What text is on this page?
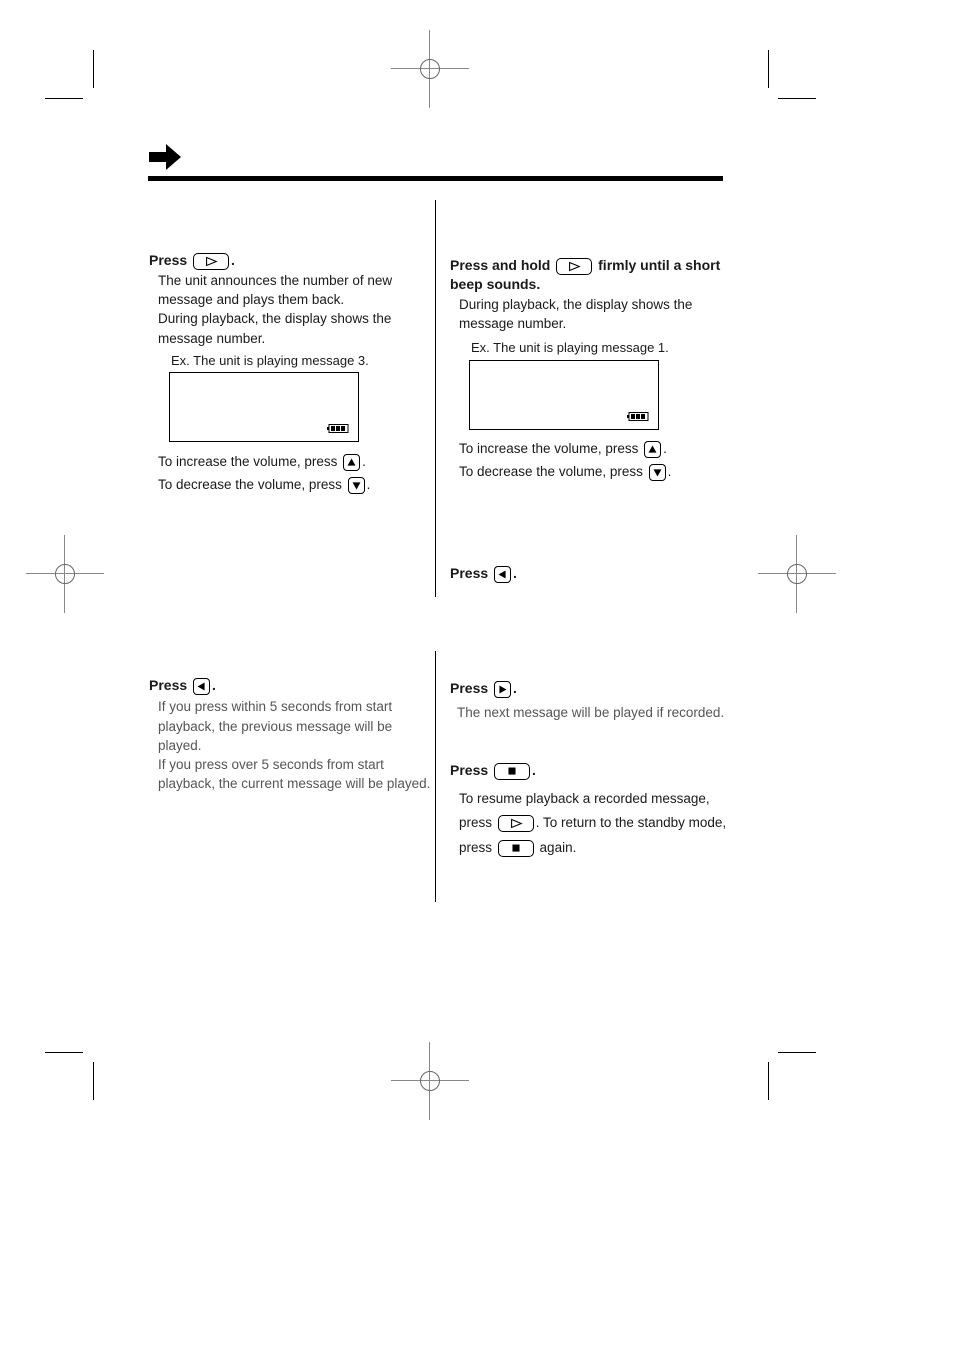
Press	.
The unit announces the number of new
message and plays them back.
During playback, the display shows the
message number.
Ex. The unit is playing message 3.
To increase the volume, press .
To decrease the volume, press .
Press .
If you press within 5 seconds from start
playback, the previous message will be
played.
If you press over 5 seconds from start
playback, the current message will be played.
Press and hold	firmly until a short
beep sounds.
During playback, the display shows the
message number.
Ex. The unit is playing message 1.
To increase the volume, press .
To decrease the volume, press .
Press .
Press .
The next message will be played if recorded.
Press	.
To resume playback a recorded message,
press	. To return to the standby mode,
press	again.
